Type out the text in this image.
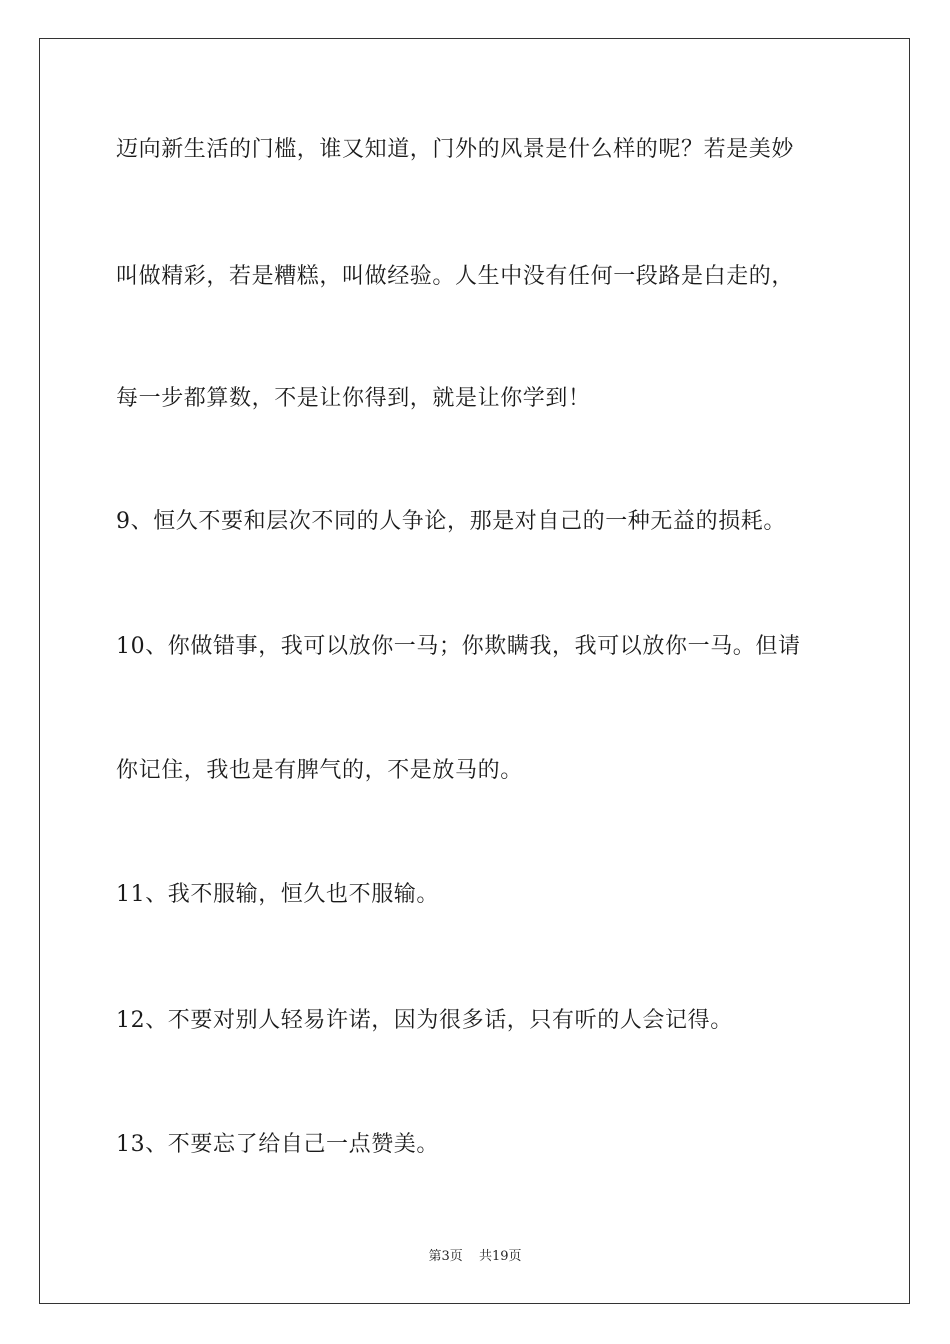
迈向新生活的门槛，谁又知道，门外的风景是什么样的呢？若是美妙
叫做精彩，若是糟糕，叫做经验。人生中没有任何一段路是白走的，
每一步都算数，不是让你得到，就是让你学到！
9、恒久不要和层次不同的人争论，那是对自己的一种无益的损耗。
10、你做错事，我可以放你一马；你欺瞒我，我可以放你一马。但请
你记住，我也是有脾气的，不是放马的。
11、我不服输，恒久也不服输。
12、不要对别人轻易许诺，因为很多话，只有听的人会记得。
13、不要忘了给自己一点赞美。
第3页 共19页
